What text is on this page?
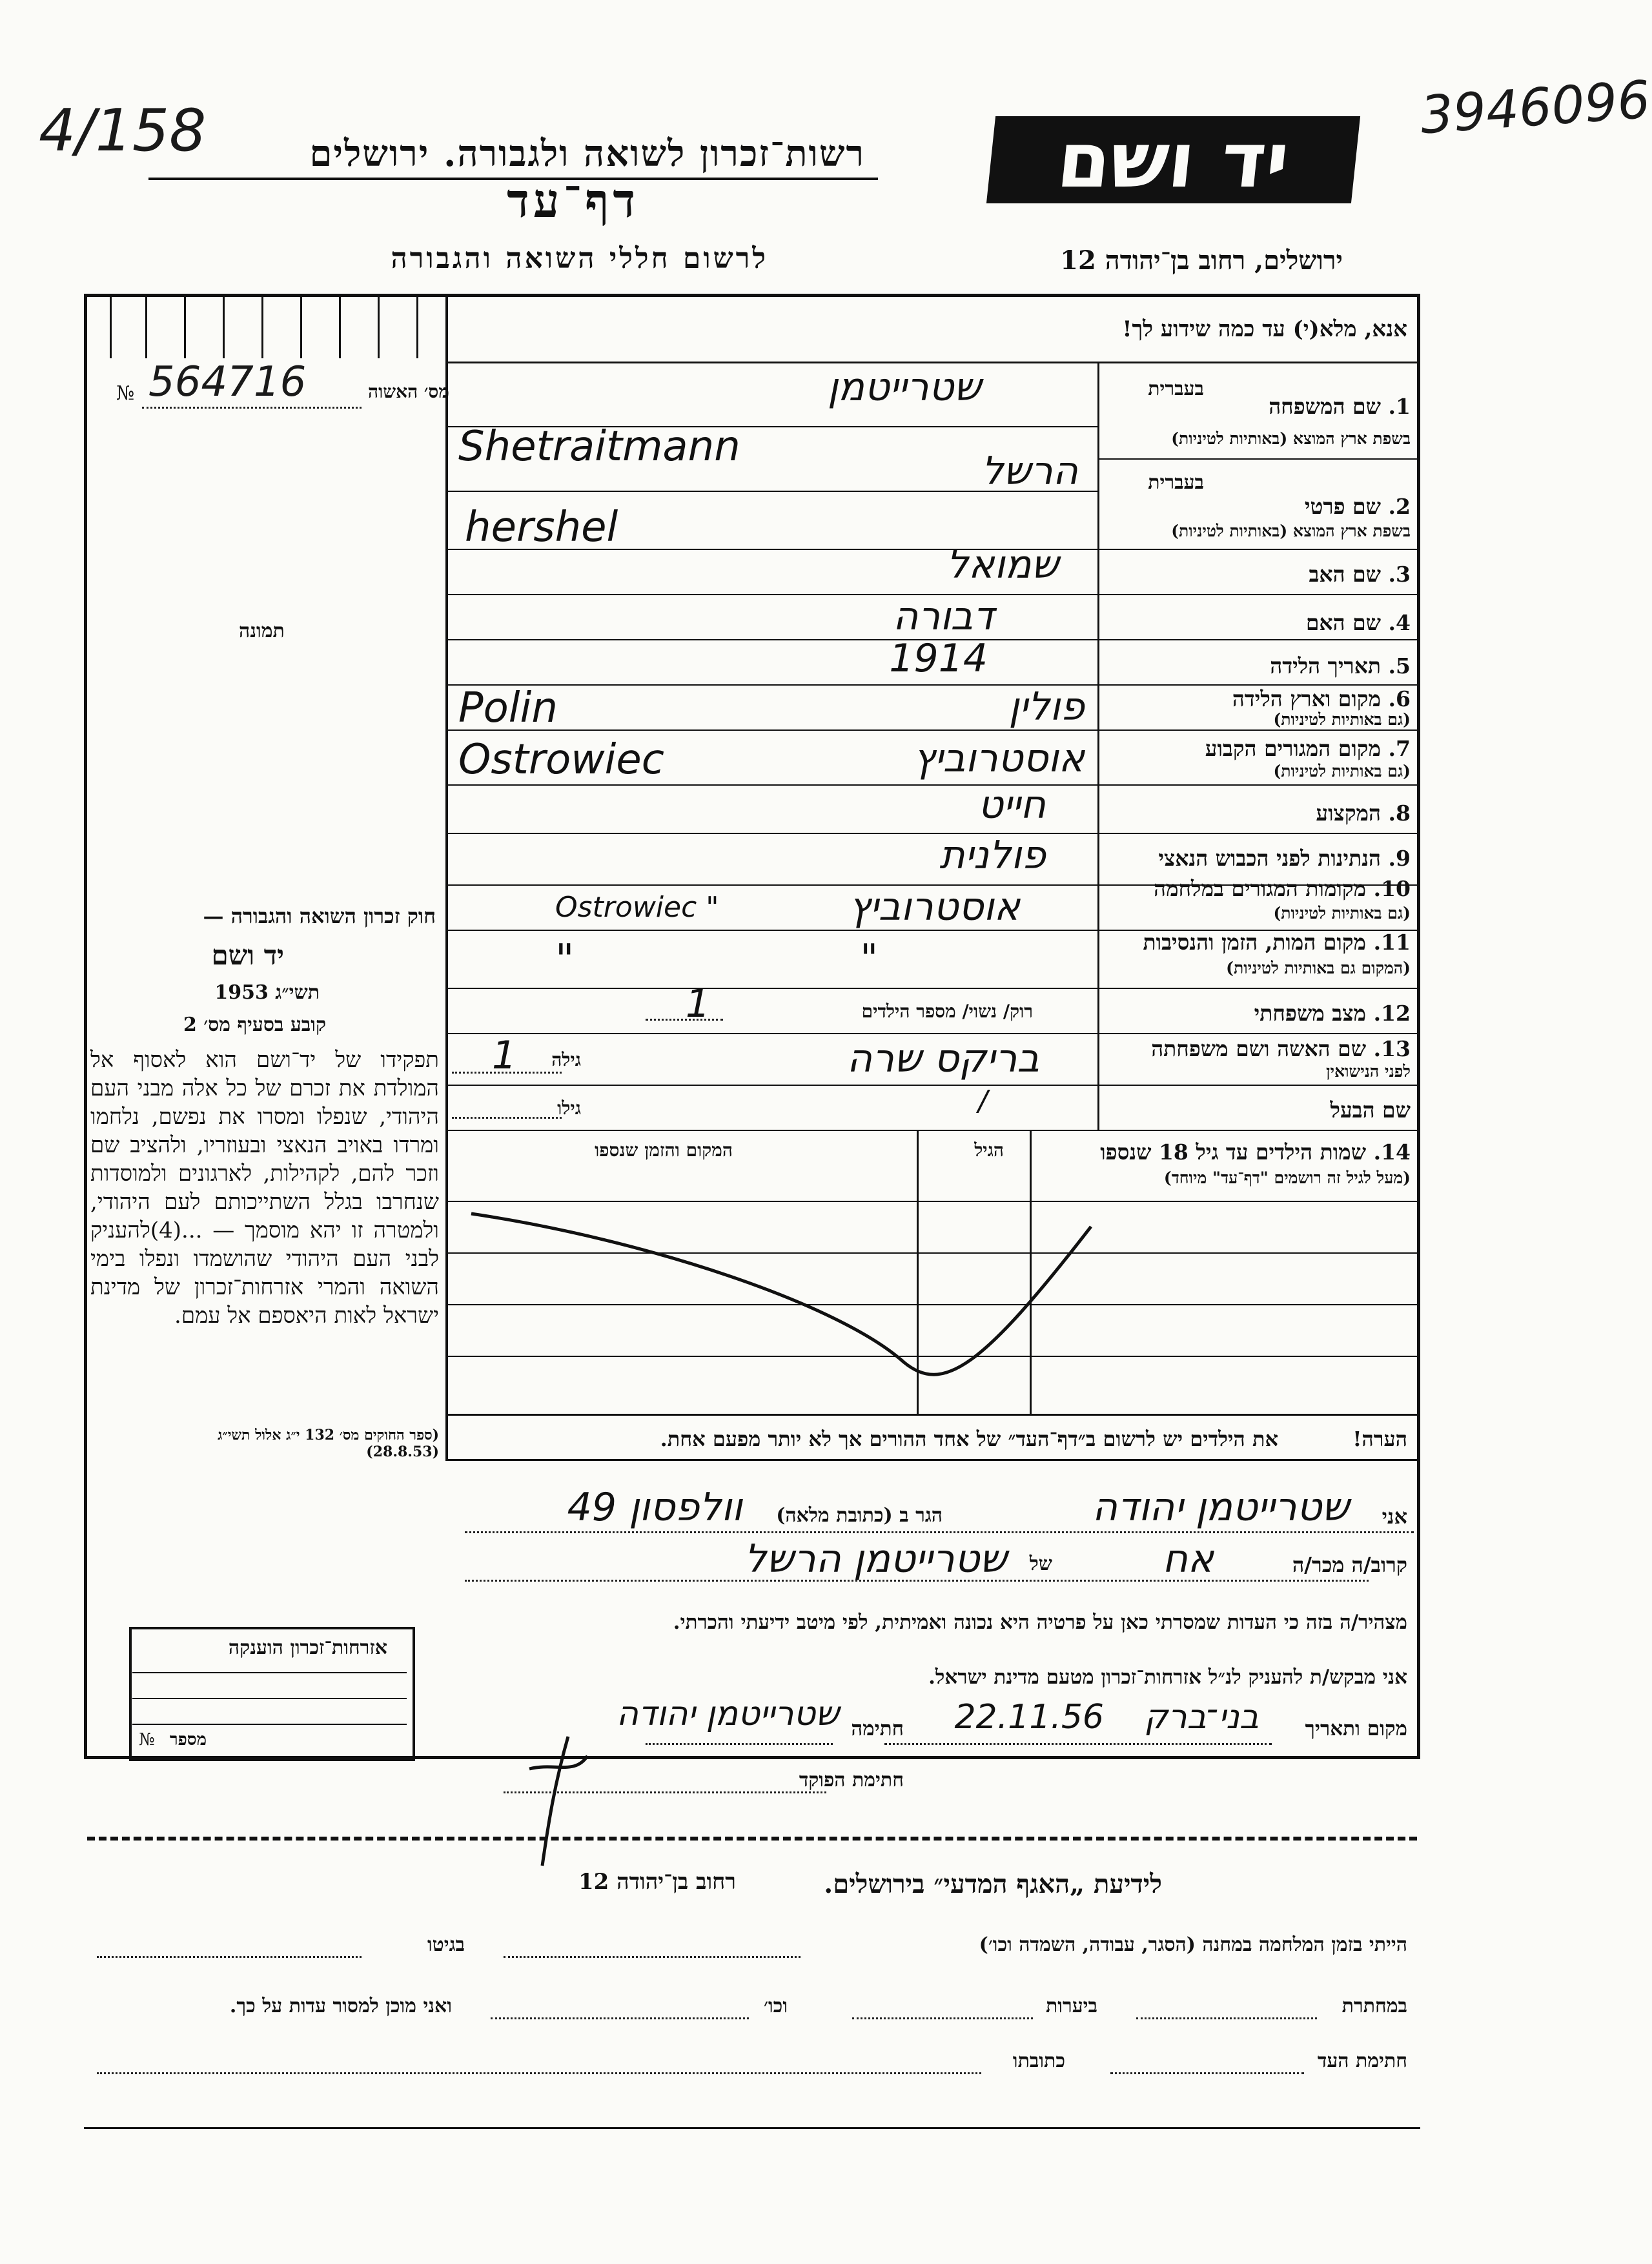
4/158	3946096
יד ושם
רשות־זכרון לשואה ולגבורה. ירושלים
דף־עד
לרשום חללי השואה והגבורה	ירושלים, רחוב בן־יהודה 12
אנא, מלא(י) עד כמה שידוע לך!
מס׳ האשוה
№ 564716
תמונה
1. שם המשפחה
בעברית
בשפת ארץ המוצא (באותיות לטיניות)
שטרייטמן
Shetraitmann
2. שם פרטי
בעברית
בשפת ארץ המוצא (באותיות לטיניות)
הרשל
hershel
3. שם האב
שמואל
4. שם האם
דבורה
5. תאריך הלידה
1914
6. מקום וארץ הלידה
(גם באותיות לטיניות)
פולין
Polin
7. מקום המגורים הקבוע
(גם באותיות לטיניות)
אוסטרוביץ
Ostrowiec
8. המקצוע
חייט
9. הנתינות לפני הכבוש הנאצי
פולנית
10. מקומות המגורים במלחמה
(גם באותיות לטיניות)
אוסטרוביץ
Ostrowiec "
11. מקום המות, הזמן והנסיבות
(המקום גם באותיות לטיניות)
"
"
12. מצב משפחתי
רוק/ נשוי/ מספר הילדים
1
13. שם האשה ושם משפחתה
לפני הנישואין
גילה
1	בריקס שרה
שם הבעל
גילו	/
14. שמות הילדים עד גיל 18 שנספו
(מעל לגיל זה רושמים "דף־עד" מיוחד)
הגיל
המקום והזמן שנספו
הערה!
את הילדים יש לרשום ב״דף־העד״ של אחד ההורים אך לא יותר מפעם אחת.
חוק זכרון השואה והגבורה —
יד ושם
תשי״ג 1953
קובע בסעיף מס׳ 2
תפקידו של יד־ושם הוא לאסוף אל המולדת את זכרם של כל אלה מבני העם היהודי, שנפלו ומסרו את נפשם, נלחמו ומרדו באויב הנאצי ובעוזריו, ולהציב שם וזכר להם, לקהילות, לארגונים ולמוסדות שנחרבו בגלל השתייכותם לעם היהודי, ולמטרה זו יהא מוסמך — ...(4)להעניק לבני העם היהודי שהושמדו ונפלו בימי השואה והמרי אזרחות־זכרון של מדינת ישראל לאות היאספם אל עמם.
(ספר החוקים מס׳ 132 י״ג אלול תשי״ג (28.8.53)
אני
שטרייטמן יהודה
הגר ב (כתובת מלאה)
וולפסון 49
קרוב/ה מכר/ה
אח
של
שטרייטמן הרשל
מצהיר/ה בזה כי העדות שמסרתי כאן על פרטיה היא נכונה ואמיתית, לפי מיטב ידיעתי והכרתי.
אני מבקש/ת להעניק לנ״ל אזרחות־זכרון מטעם מדינת ישראל.
מקום ותאריך
בני־ברק
22.11.56
חתימה
שטרייטמן יהודה
חתימת הפוקד
אזרחות־זכרון הוענקה
מספר
№
לידיעת „האגף המדעי״ בירושלים.
רחוב בן־יהודה 12
הייתי בזמן המלחמה במחנה (הסגר, עבודה, השמדה וכו׳)
בגיטו
במחתרת
ביערות
וכו׳
ואני מוכן למסור עדות על כך.
חתימת העד
כתובתו
